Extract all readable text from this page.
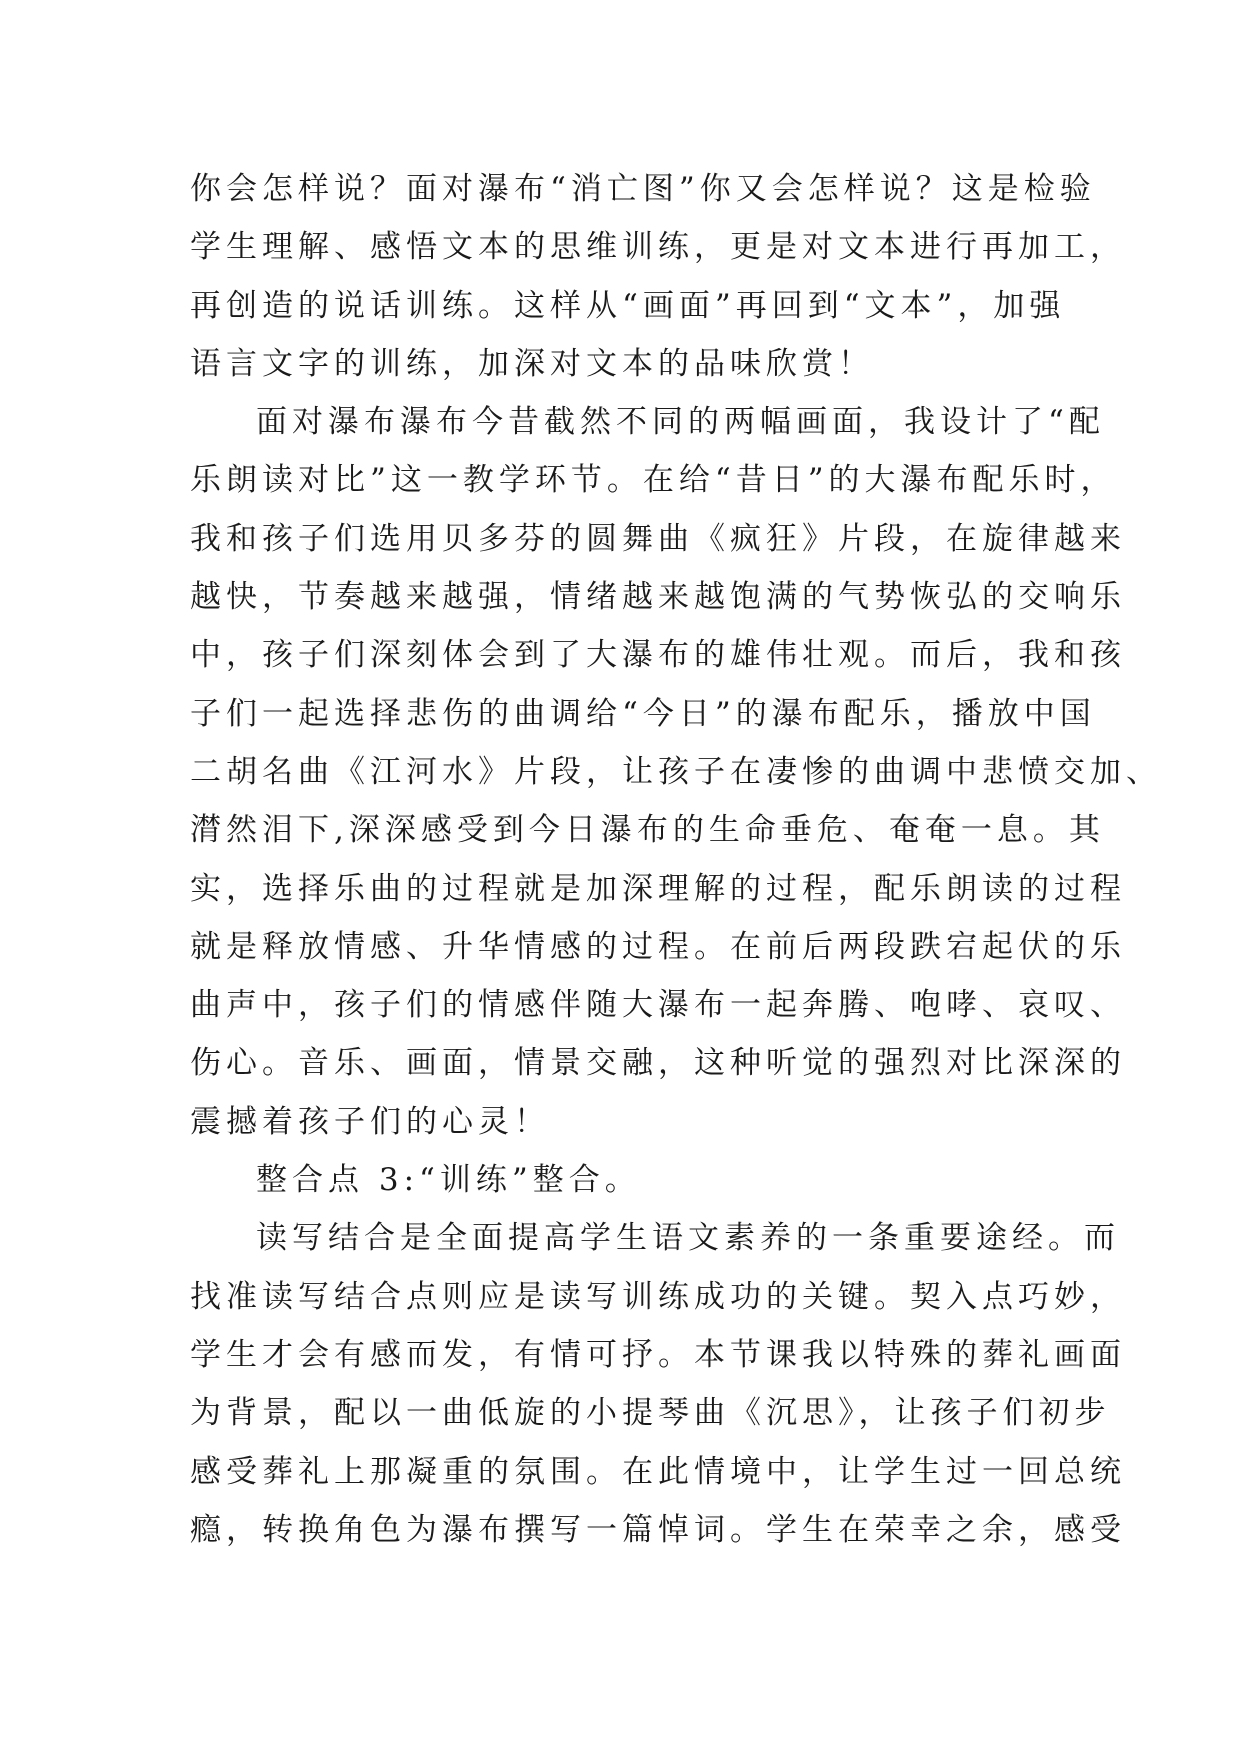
你会怎样说？面对瀑布“消亡图”你又会怎样说？这是检验
学生理解、感悟文本的思维训练，更是对文本进行再加工，
再创造的说话训练。这样从“画面”再回到“文本”，加强
语言文字的训练，加深对文本的品味欣赏！
面对瀑布瀑布今昔截然不同的两幅画面，我设计了“配
乐朗读对比”这一教学环节。在给“昔日”的大瀑布配乐时，
我和孩子们选用贝多芬的圆舞曲《疯狂》片段，在旋律越来
越快，节奏越来越强，情绪越来越饱满的气势恢弘的交响乐
中，孩子们深刻体会到了大瀑布的雄伟壮观。而后，我和孩
子们一起选择悲伤的曲调给“今日”的瀑布配乐，播放中国
二胡名曲《江河水》片段，让孩子在凄惨的曲调中悲愤交加、
潸然泪下,深深感受到今日瀑布的生命垂危、奄奄一息。其
实，选择乐曲的过程就是加深理解的过程，配乐朗读的过程
就是释放情感、升华情感的过程。在前后两段跌宕起伏的乐
曲声中，孩子们的情感伴随大瀑布一起奔腾、咆哮、哀叹、
伤心。音乐、画面，情景交融，这种听觉的强烈对比深深的
震撼着孩子们的心灵！
整合点 3:“训练”整合。
读写结合是全面提高学生语文素养的一条重要途经。而
找准读写结合点则应是读写训练成功的关键。契入点巧妙，
学生才会有感而发，有情可抒。本节课我以特殊的葬礼画面
为背景，配以一曲低旋的小提琴曲《沉思》，让孩子们初步
感受葬礼上那凝重的氛围。在此情境中，让学生过一回总统
瘾，转换角色为瀑布撰写一篇悼词。学生在荣幸之余，感受
